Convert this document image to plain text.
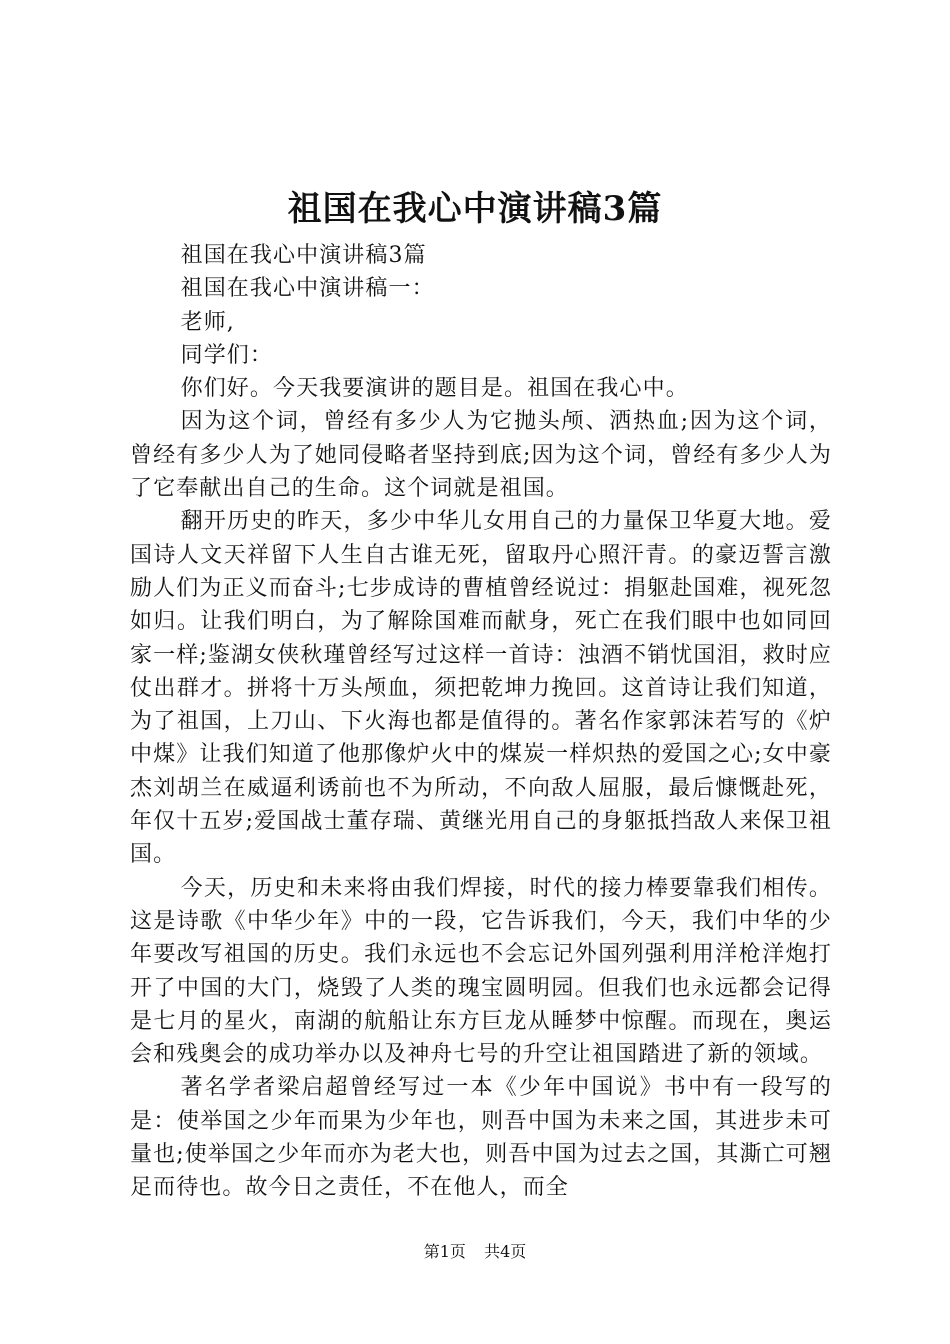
祖国在我心中演讲稿3篇

祖国在我心中演讲稿3篇

祖国在我心中演讲稿一：

老师,

同学们：

你们好。今天我要演讲的题目是。祖国在我心中。

因为这个词，曾经有多少人为它抛头颅、洒热血;因为这个词，曾经有多少人为了她同侵略者坚持到底;因为这个词，曾经有多少人为了它奉献出自己的生命。这个词就是祖国。

翻开历史的昨天，多少中华儿女用自己的力量保卫华夏大地。爱国诗人文天祥留下人生自古谁无死，留取丹心照汗青。的豪迈誓言激励人们为正义而奋斗;七步成诗的曹植曾经说过：捐躯赴国难，视死忽如归。让我们明白，为了解除国难而献身，死亡在我们眼中也如同回家一样;鉴湖女侠秋瑾曾经写过这样一首诗：浊酒不销忧国泪，救时应仗出群才。拼将十万头颅血，须把乾坤力挽回。这首诗让我们知道，为了祖国，上刀山、下火海也都是值得的。著名作家郭沫若写的《炉中煤》让我们知道了他那像炉火中的煤炭一样炽热的爱国之心;女中豪杰刘胡兰在威逼利诱前也不为所动，不向敌人屈服，最后慷慨赴死，年仅十五岁;爱国战士董存瑞、黄继光用自己的身躯抵挡敌人来保卫祖国。

今天，历史和未来将由我们焊接，时代的接力棒要靠我们相传。这是诗歌《中华少年》中的一段，它告诉我们，今天，我们中华的少年要改写祖国的历史。我们永远也不会忘记外国列强利用洋枪洋炮打开了中国的大门，烧毁了人类的瑰宝圆明园。但我们也永远都会记得是七月的星火，南湖的航船让东方巨龙从睡梦中惊醒。而现在，奥运会和残奥会的成功举办以及神舟七号的升空让祖国踏进了新的领域。

著名学者梁启超曾经写过一本《少年中国说》书中有一段写的是：使举国之少年而果为少年也，则吾中国为未来之国，其进步未可量也;使举国之少年而亦为老大也，则吾中国为过去之国，其澌亡可翘足而待也。故今日之责任，不在他人，而全

第1页 共4页
